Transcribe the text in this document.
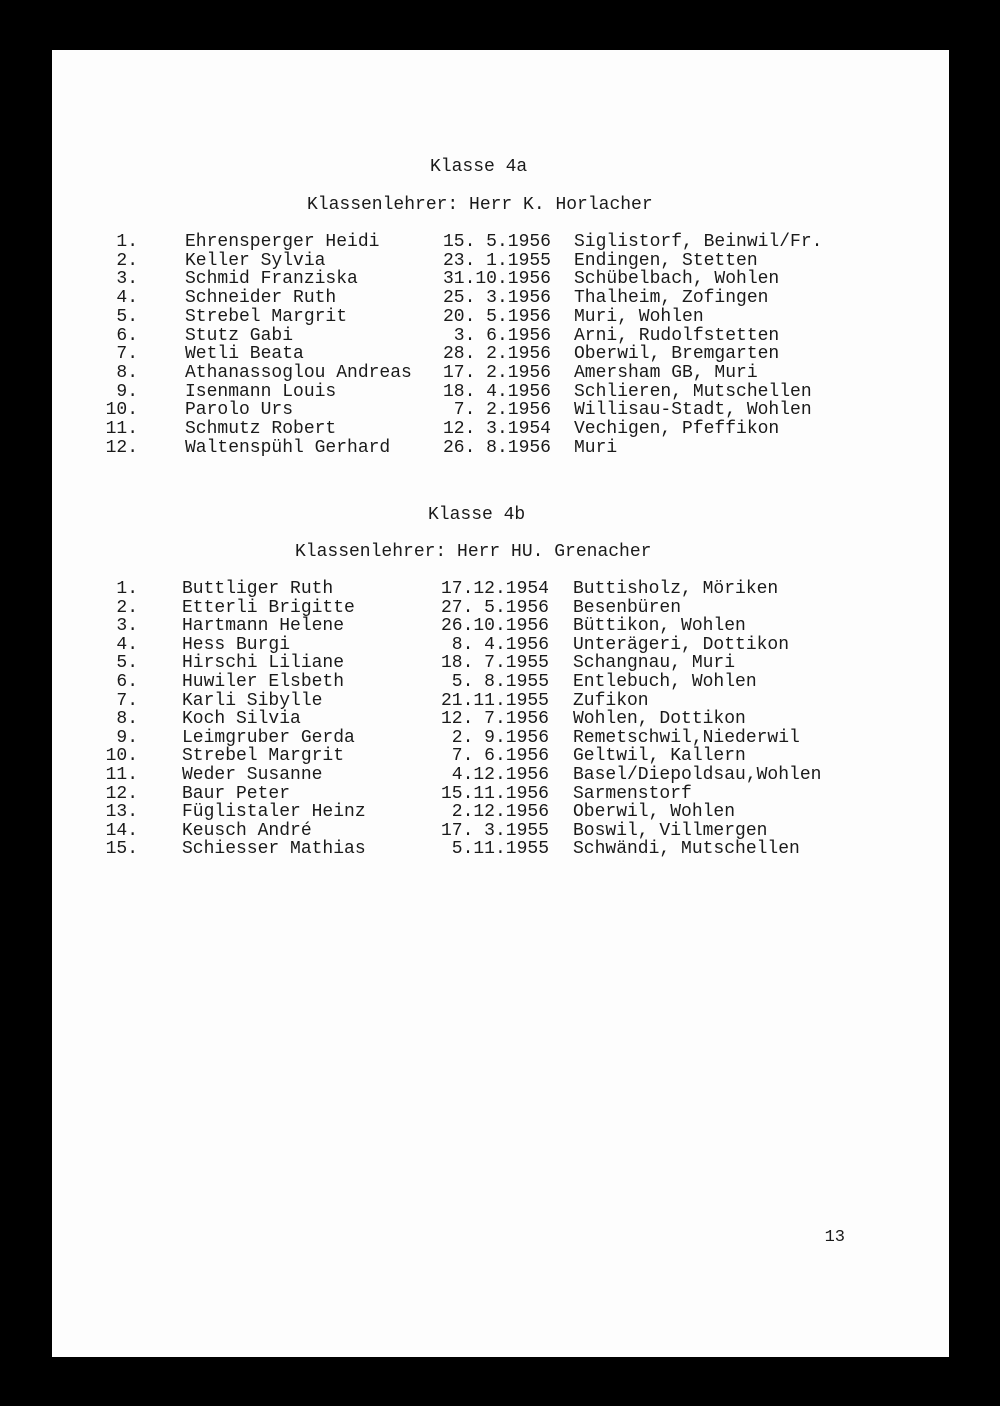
Klasse 4a
Klassenlehrer: Herr K. Horlacher
1.	Ehrensperger Heidi	15. 5.1956 Siglistorf, Beinwil/Fr.
2.	Keller Sylvia	23. 1.1955 Endingen, Stetten
3.	Schmid Franziska	31.10.1956 Schübelbach, Wohlen
4.	Schneider Ruth	25. 3.1956 Thalheim, Zofingen
5.	Strebel Margrit	20. 5.1956 Muri, Wohlen
6.	Stutz Gabi	3. 6.1956 Arni, Rudolfstetten
7.	Wetli Beata	28. 2.1956 Oberwil, Bremgarten
8.	Athanassoglou Andreas	17. 2.1956 Amersham GB, Muri
9.	Isenmann Louis	18. 4.1956 Schlieren, Mutschellen
10.	Parolo Urs	7. 2.1956 Willisau-Stadt, Wohlen
11.	Schmutz Robert	12. 3.1954 Vechigen, Pfeffikon
12.	Waltenspühl Gerhard	26. 8.1956 Muri
Klasse 4b
Klassenlehrer: Herr HU. Grenacher
1. Buttliger Ruth	17.12.1954 Buttisholz, Möriken
2. Etterli Brigitte	27. 5.1956 Besenbüren
3. Hartmann Helene	26.10.1956 Büttikon, Wohlen
4. Hess Burgi	8. 4.1956 Unterägeri, Dottikon
5. Hirschi Liliane	18. 7.1955 Schangnau, Muri
6. Huwiler Elsbeth	5. 8.1955 Entlebuch, Wohlen
7. Karli Sibylle	21.11.1955 Zufikon
8. Koch Silvia	12. 7.1956 Wohlen, Dottikon
9. Leimgruber Gerda	2. 9.1956 Remetschwil,Niederwil
10. Strebel Margrit	7. 6.1956 Geltwil, Kallern
11. Weder Susanne	4.12.1956 Basel/Diepoldsau,Wohlen
12. Baur Peter	15.11.1956 Sarmenstorf
13. Füglistaler Heinz	2.12.1956 Oberwil, Wohlen
14. Keusch André	17. 3.1955 Boswil, Villmergen
15. Schiesser Mathias	5.11.1955 Schwändi, Mutschellen
13
